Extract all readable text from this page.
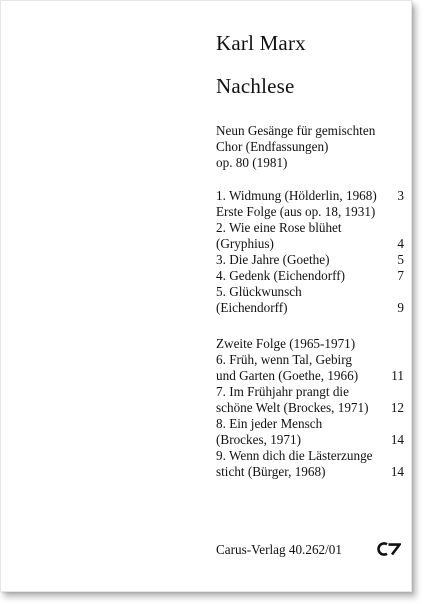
Karl Marx
Nachlese
Neun Gesänge für gemischten
Chor (Endfassungen)
op. 80 (1981)
1. Widmung (Hölderlin, 1968) 3
Erste Folge (aus op. 18, 1931)
2. Wie eine Rose blühet
(Gryphius)	4
3. Die Jahre (Goethe)	5
4. Gedenk (Eichendorff)	7
5. Glückwunsch
(Eichendorff)	9
Zweite Folge (1965-1971)
6. Früh, wenn Tal, Gebirg
und Garten (Goethe, 1966)	11
7. Im Frühjahr prangt die
schöne Welt (Brockes, 1971) 12
8. Ein jeder Mensch
(Brockes, 1971)	14
9. Wenn dich die Lästerzunge
sticht (Bürger, 1968)	14
Carus-Verlag 40.262/01
